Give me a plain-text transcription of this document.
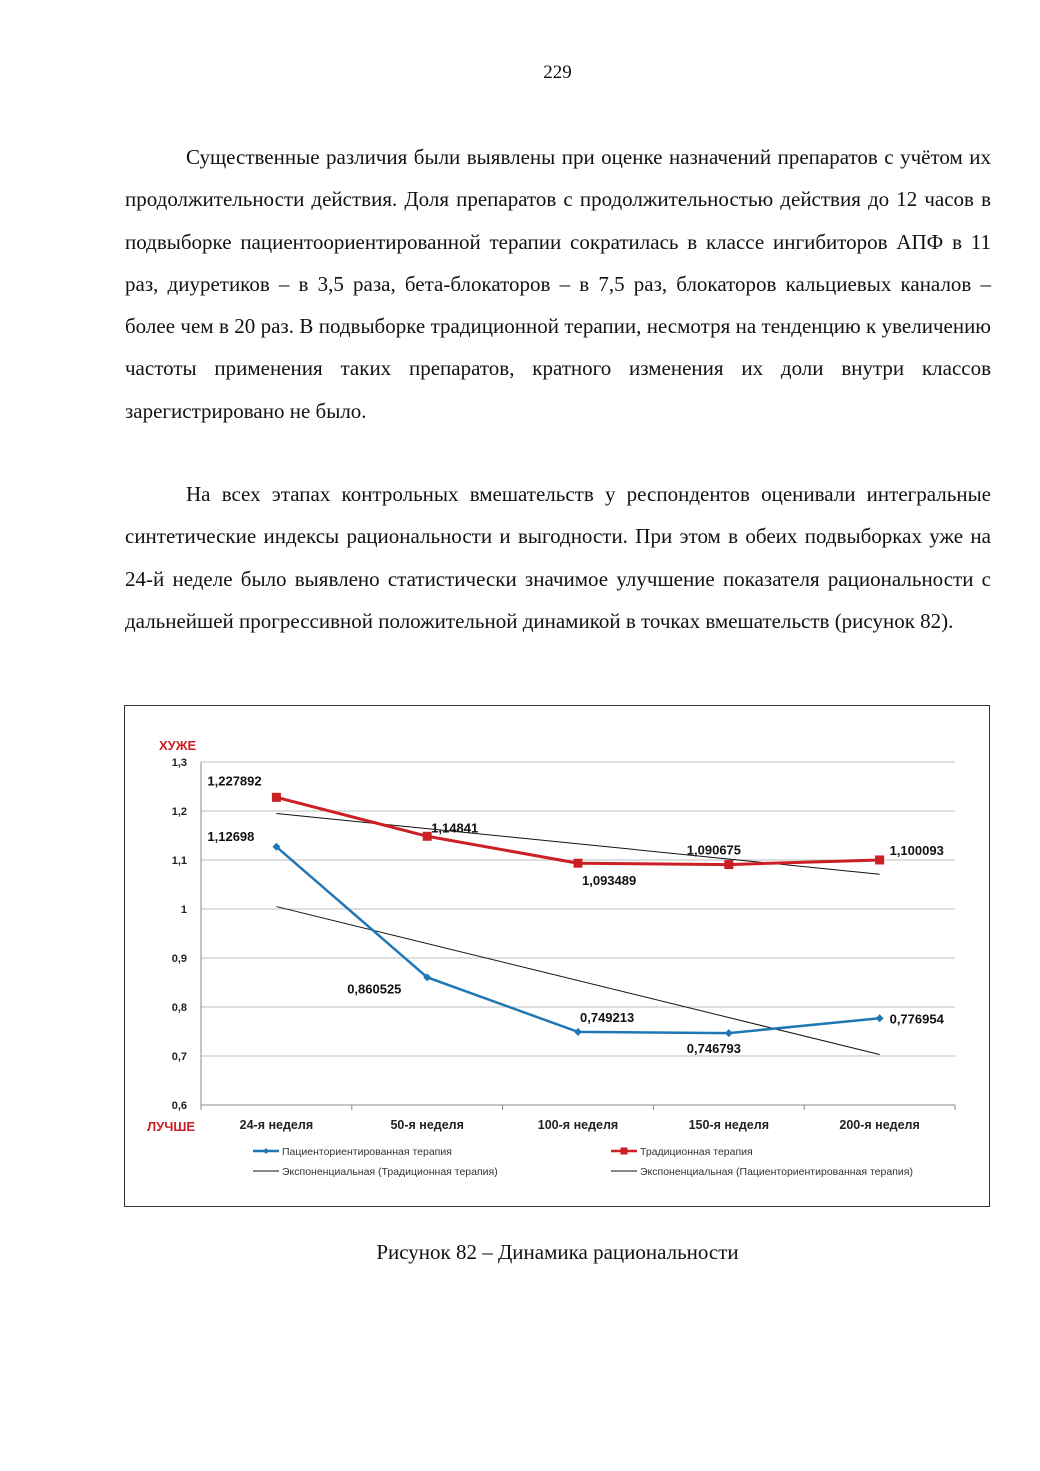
229

Существенные различия были выявлены при оценке назначений препаратов с учётом их продолжительности действия. Доля препаратов с продолжительностью действия до 12 часов в подвыборке пациентоориентированной терапии сократилась в классе ингибиторов АПФ в 11 раз, диуретиков – в 3,5 раза, бета-блокаторов – в 7,5 раз, блокаторов кальциевых каналов – более чем в 20 раз. В подвыборке традиционной терапии, несмотря на тенденцию к увеличению частоты применения таких препаратов, кратного изменения их доли внутри классов зарегистрировано не было.

На всех этапах контрольных вмешательств у респондентов оценивали интегральные синтетические индексы рациональности и выгодности. При этом в обеих подвыборках уже на 24-й неделе было выявлено статистически значимое улучшение показателя рациональности с дальнейшей прогрессивной положительной динамикой в точках вмешательств (рисунок 82).

0,6
0,7
0,8
0,9
1
1,1
1,2
1,3
24-я неделя	50-я неделя	100-я неделя	150-я неделя	200-я неделя
ХУЖЕ
ЛУЧШЕ
1,12698
0,860525
0,749213
0,746793
0,776954
1,227892
1,14841
1,093489
1,090675	1,100093
Пациенториентированная терапия	Традиционная терапия
Экспоненциальная (Традиционная терапия)	Экспоненциальная (Пациенториентированная терапия)
Рисунок 82 – Динамика рациональности
